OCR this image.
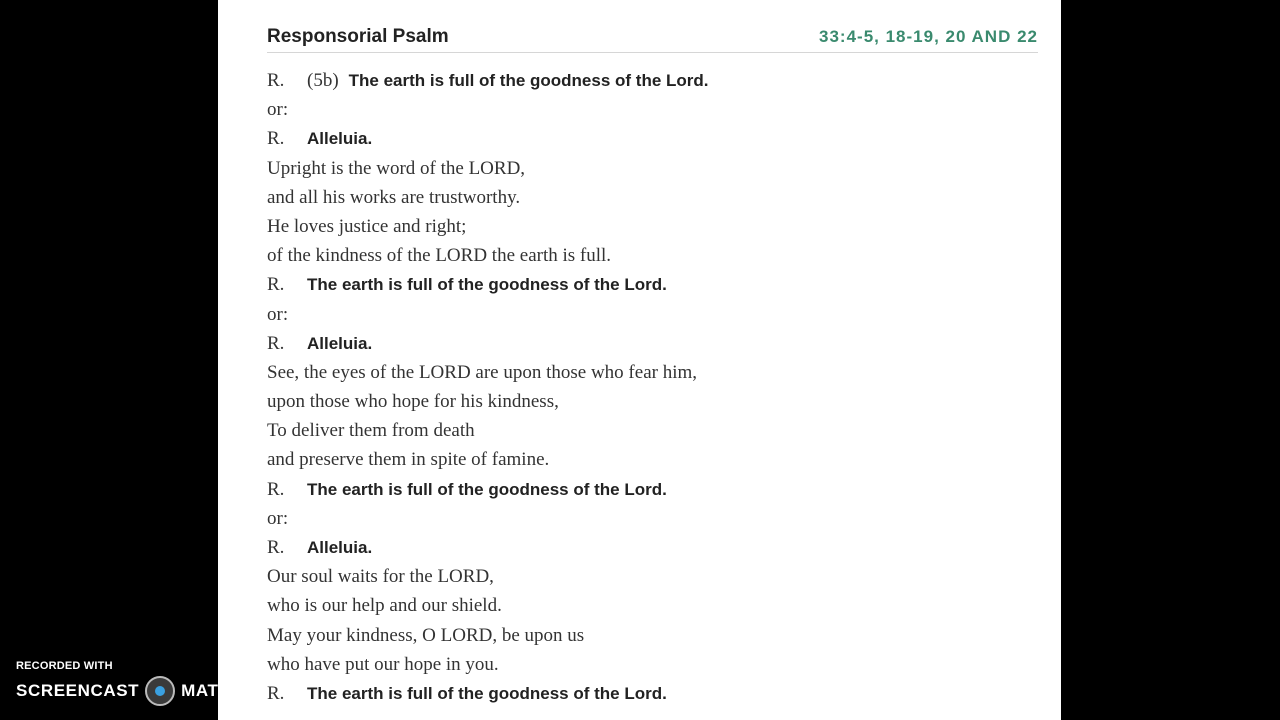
Responsorial Psalm	33:4-5, 18-19, 20 AND 22
R. (5b) The earth is full of the goodness of the Lord.
or:
R. Alleluia.
Upright is the word of the LORD,
and all his works are trustworthy.
He loves justice and right;
of the kindness of the LORD the earth is full.
R. The earth is full of the goodness of the Lord.
or:
R. Alleluia.
See, the eyes of the LORD are upon those who fear him,
upon those who hope for his kindness,
To deliver them from death
and preserve them in spite of famine.
R. The earth is full of the goodness of the Lord.
or:
R. Alleluia.
Our soul waits for the LORD,
who is our help and our shield.
May your kindness, O LORD, be upon us
who have put our hope in you.
R. The earth is full of the goodness of the Lord.
RECORDED WITH
SCREENCAST MATIC
